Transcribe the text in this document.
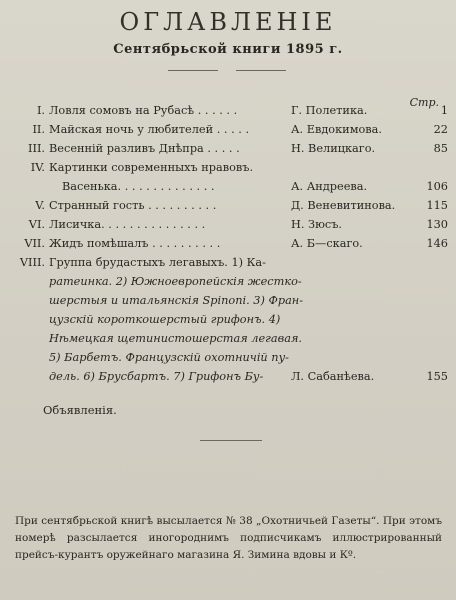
ОГЛАВЛЕНIЕ
Сентябрьской книги 1895 г.
Стр.
I. Ловля сомовъ на Рубасѣ . . . . . .	Г. Полетика.	1
II. Майская ночь у любителей . . . . .	А. Евдокимова.	22
III. Весеннiй разливъ Днѣпра . . . . .	Н. Велицкаго.	85
IV. Картинки современныхъ нравовъ.
Васенька. . . . . . . . . . . . . .	А. Андреева.	106
V. Странный гость . . . . . . . . . .	Д. Веневитинова.	115
VI. Лисичка. . . . . . . . . . . . . . .	Н. Зюсъ.	130
VII. Жидъ помѣшалъ . . . . . . . . . .	А. Б—скаго.	146
VIII. Группа брудастыхъ легавыхъ. 1) Ка-
ратеинка. 2) Южноевропейскiя жестко-
шерстыя и итальянскiя Spinoni. 3) Фран-
цузскiй короткошерстый грифонъ. 4)
Нѣмецкая щетинистошерстая легавая.
5) Барбетъ. Французскiй охотничiй пу-
дель. 6) Брусбартъ. 7) Грифонъ Бу- Л. Сабанѣева.	155
Объявленiя.
При сентябрьской книгѣ высылается № 38 „Охотничьей Газеты“. При этомъ номерѣ разсылается иногороднимъ подписчикамъ иллюстрированный прейсъ-курантъ оружейнаго магазина Я. Зимина вдовы и Кº.
